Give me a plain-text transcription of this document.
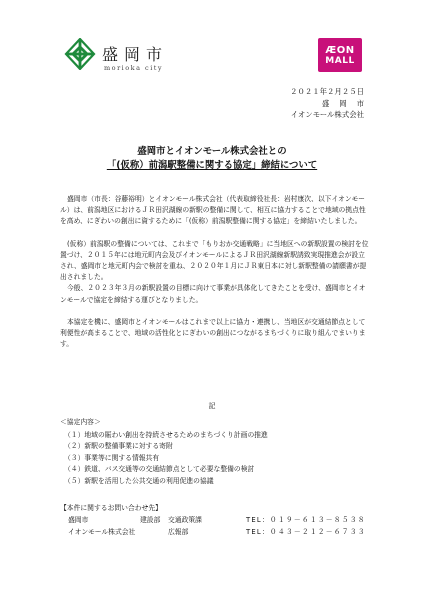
盛岡市
morioka city
ÆON
MALL
２０２１年２月２５日
盛岡市
イオンモール株式会社
盛岡市とイオンモール株式会社との
「(仮称）前潟駅整備に関する協定」締結について

盛岡市（市長：谷藤裕明）とイオンモール株式会社（代表取締役社長：岩村康次、以下イオンモール）は、前潟地区におけるＪＲ田沢湖線の新駅の整備に関して、相互に協力することで地域の拠点性を高め、にぎわいの創出に資するために「(仮称）前潟駅整備に関する協定」を締結いたしました。

(仮称）前潟駅の整備については、これまで「もりおか交通戦略」に当地区への新駅設置の検討を位置づけ、２０１５年には地元町内会及びイオンモールによるＪＲ田沢湖線新駅誘致実現推進会が設立され、盛岡市と地元町内会で検討を重ね、２０２０年１月にＪＲ東日本に対し新駅整備の請願書が提出されました。

今般、２０２３年３月の新駅設置の目標に向けて事業が具体化してきたことを受け、盛岡市とイオンモールで協定を締結する運びとなりました。

本協定を機に、盛岡市とイオンモールはこれまで以上に協力・連携し、当地区が交通結節点として利便性が高まることで、地域の活性化とにぎわいの創出につながるまちづくりに取り組んでまいります。

記
＜協定内容＞
（１）地域の賑わい創出を持続させるためのまちづくり計画の推進
（２）新駅の整備事業に対する寄附
（３）事業等に関する情報共有
（４）鉄道、バス交通等の交通結節点として必要な整備の検討
（５）新駅を活用した公共交通の利用促進の協議
【本件に関するお問い合わせ先】
盛岡市	建設部 交通政策課	TEL：０１９－６１３－８５３８
イオンモール株式会社	広報部	TEL：０４３－２１２－６７３３
